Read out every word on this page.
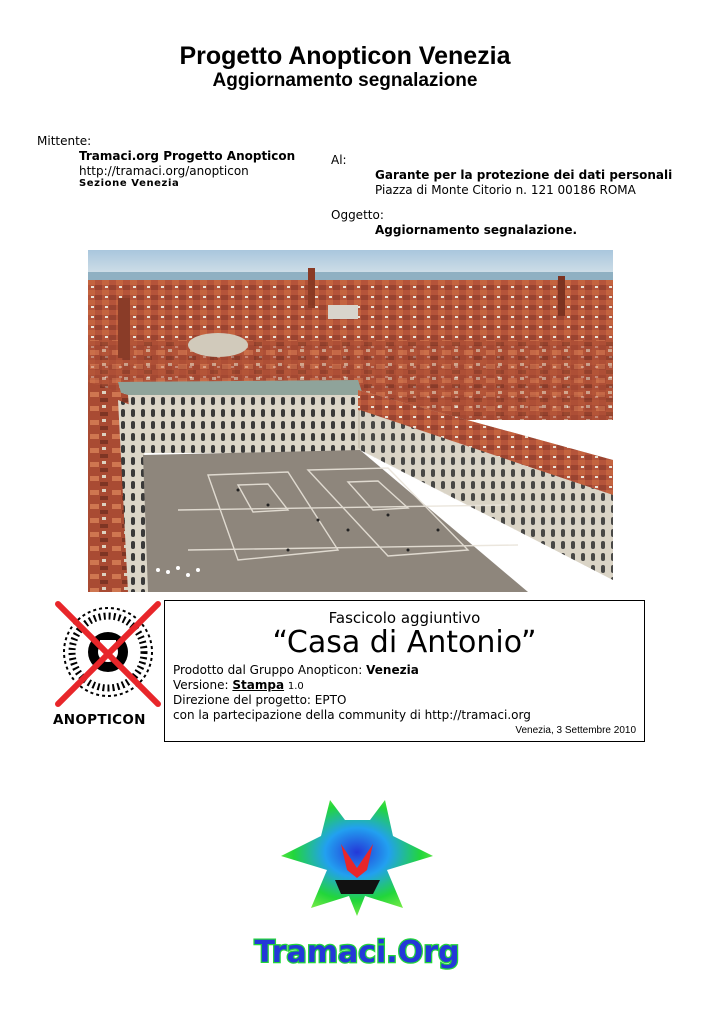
Progetto Anopticon Venezia
Aggiornamento segnalazione
Mittente:
Tramaci.org Progetto Anopticon
http://tramaci.org/anopticon
Sezione Venezia
Al:
Garante per la protezione dei dati personali
Piazza di Monte Citorio n. 121 00186 ROMA
Oggetto:
Aggiornamento segnalazione.
ANOPTICON
Fascicolo aggiuntivo
“Casa di Antonio”
Prodotto dal Gruppo Anopticon: Venezia
Versione: Stampa 1.0
Direzione del progetto: EPTO
con la partecipazione della community di http://tramaci.org
Venezia, 3 Settembre 2010
Tramaci.Org
